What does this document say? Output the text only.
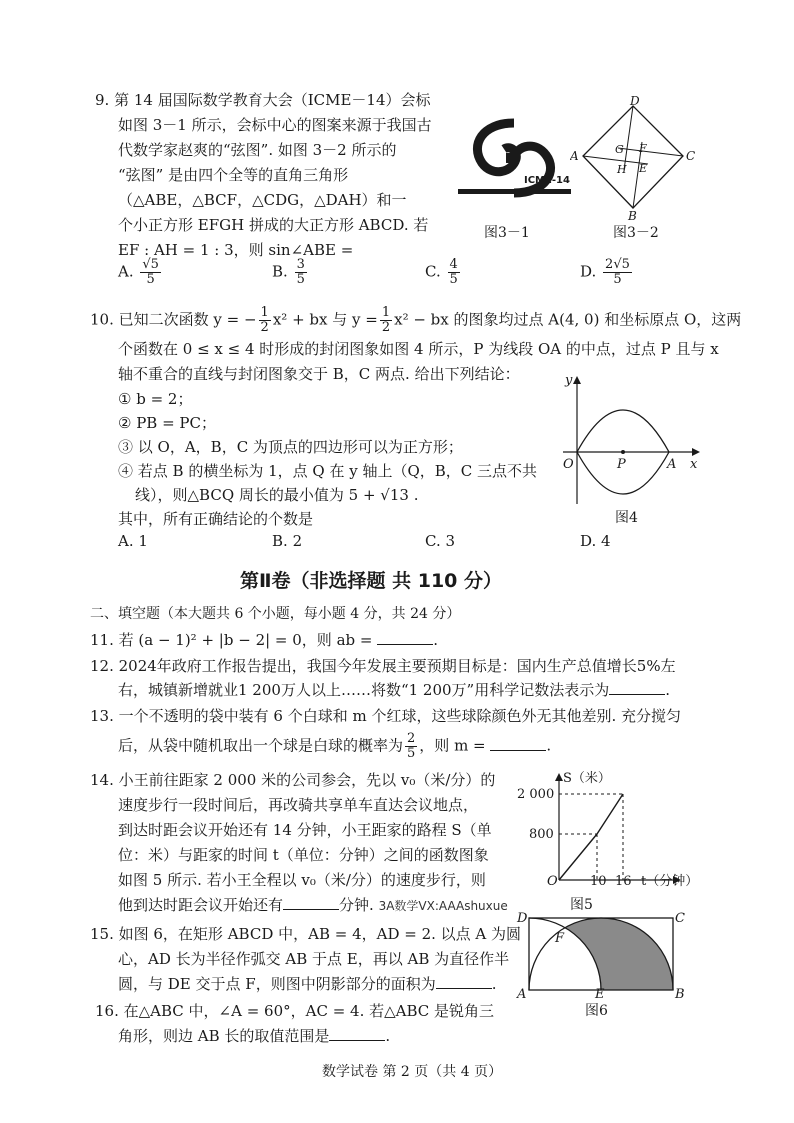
9. 第 14 届国际数学教育大会（ICME－14）会标
如图 3－1 所示，会标中心的图案来源于我国古
代数学家赵爽的“弦图”. 如图 3－2 所示的
“弦图” 是由四个全等的直角三角形
（△ABE，△BCF，△CDG，△DAH）和一
个小正方形 EFGH 拼成的大正方形 ABCD. 若
EF : AH = 1 : 3，则 sin∠ABE =
ICME-14
图3－1
D
C
B
A	G F
H E
图3－2
A. $\frac{√5}{5}$	B. $\frac{3}{5}$	C. $\frac{4}{5}$	D. $\frac{2√5}{5}$
10. 已知二次函数 y = − $\frac{1}{2} x^2$ + bx 与 $y = \frac{1}{2} x^2$ − bx 的图象均过点 A(4, 0) 和坐标原点 O，这两
个函数在 0 ≤ x ≤ 4 时形成的封闭图象如图 4 所示，P 为线段 OA 的中点，过点 P 且与 x
轴不重合的直线与封闭图象交于 B，C 两点. 给出下列结论：
① b = 2；
② PB = PC；
③ 以 O，A，B，C 为顶点的四边形可以为正方形；
④ 若点 B 的横坐标为 1，点 Q 在 y 轴上（Q，B，C 三点不共
线），则△BCQ 周长的最小值为 5 + √13 .
其中，所有正确结论的个数是
y
x
O	P	A
图4
A. 1	B. 2	C. 3	D. 4
第Ⅱ卷（非选择题 共 110 分）
二、填空题（本大题共 6 个小题，每小题 4 分，共 24 分）
11. 若 (a − 1)² + |b − 2| = 0，则 ab =	.
12. 2024年政府工作报告提出，我国今年发展主要预期目标是：国内生产总值增长5%左
右，城镇新增就业1 200万人以上……将数“1 200万”用科学记数法表示为	.
13. 一个不透明的袋中装有 6 个白球和 m 个红球，这些球除颜色外无其他差别. 充分搅匀
后，从袋中随机取出一个球是白球的概率为 $\frac{2}{5}$ ，则 m =	.
14. 小王前往距家 2 000 米的公司参会，先以 v₀（米/分）的
速度步行一段时间后，再改骑共享单车直达会议地点，
到达时距会议开始还有 14 分钟，小王距家的路程 S（单
位：米）与距家的时间 t（单位：分钟）之间的函数图象
如图 5 所示. 若小王全程以 v₀（米/分）的速度步行，则
他到达时距会议开始还有	分钟. 3A数学VX:AAAshuxue
S（米）
2 000
800
O 10 16 t（分钟）
图5
15. 如图 6，在矩形 ABCD 中，AB = 4，AD = 2. 以点 A 为圆
心，AD 长为半径作弧交 AB 于点 E，再以 AB 为直径作半
圆，与 DE 交于点 F，则图中阴影部分的面积为	.
D	C
F
A	E	B
图6
16. 在△ABC 中，∠A = 60°，AC = 4. 若△ABC 是锐角三
角形，则边 AB 长的取值范围是	.
数学试卷 第 2 页（共 4 页）
